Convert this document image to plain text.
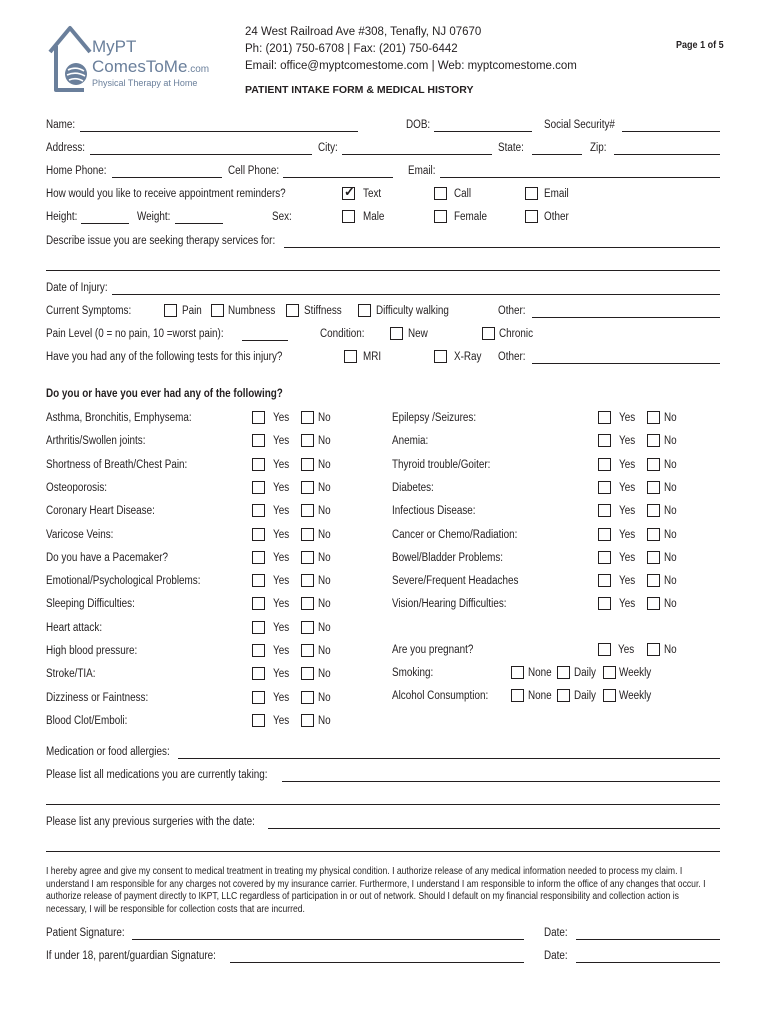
MyPT
ComesToMe.com
Physical Therapy at Home
24 West Railroad Ave #308, Tenafly, NJ 07670
Ph: (201) 750-6708 | Fax: (201) 750-6442
Email: office@myptcomestome.com | Web: myptcomestome.com
PATIENT INTAKE FORM & MEDICAL HISTORY
Page 1 of 5
Name:	DOB:	Social Security#
Address:	City:	State:	Zip:
Home Phone:	Cell Phone:	Email:
How would you like to receive appointment reminders?	✓ Text	Call	Email
Height:	Weight:	Sex:	Male	Female	Other
Describe issue you are seeking therapy services for:
Date of Injury:
Current Symptoms:	Pain Numbness Stiffness	Difficulty walking	Other:
Pain Level (0 = no pain, 10 =worst pain):	Condition:	New	Chronic
Have you had any of the following tests for this injury?	MRI	X-Ray Other:
Do you or have you ever had any of the following?
Asthma, Bronchitis, Emphysema:	Yes	No
Arthritis/Swollen joints:	Yes	No
Shortness of Breath/Chest Pain:	Yes	No
Osteoporosis:	Yes	No
Coronary Heart Disease:	Yes	No
Varicose Veins:	Yes	No
Do you have a Pacemaker?	Yes	No
Emotional/Psychological Problems:	Yes	No
Sleeping Difficulties:	Yes	No
Heart attack:	Yes	No
High blood pressure:	Yes	No
Stroke/TIA:	Yes	No
Dizziness or Faintness:	Yes	No
Blood Clot/Emboli:	Yes	No
Epilepsy /Seizures:	Yes	No
Anemia:	Yes	No
Thyroid trouble/Goiter:	Yes	No
Diabetes:	Yes	No
Infectious Disease:	Yes	No
Cancer or Chemo/Radiation:	Yes	No
Bowel/Bladder Problems:	Yes	No
Severe/Frequent Headaches	Yes	No
Vision/Hearing Difficulties:	Yes	No
Are you pregnant?	Yes	No
Smoking:	None Daily Weekly
Alcohol Consumption:	None Daily Weekly
Medication or food allergies:
Please list all medications you are currently taking:
Please list any previous surgeries with the date:
I hereby agree and give my consent to medical treatment in treating my physical condition. I authorize release of any medical information needed to process my claim. I understand I am responsible for any charges not covered by my insurance carrier. Furthermore, I understand I am responsible to inform the office of any changes that occur. I authorize release of payment directly to IKPT, LLC regardless of participation in or out of network. Should I default on my financial responsibility and collection action is necessary, I will be responsible for collection costs that are incurred.
Patient Signature:	Date:
If under 18, parent/guardian Signature:	Date:
